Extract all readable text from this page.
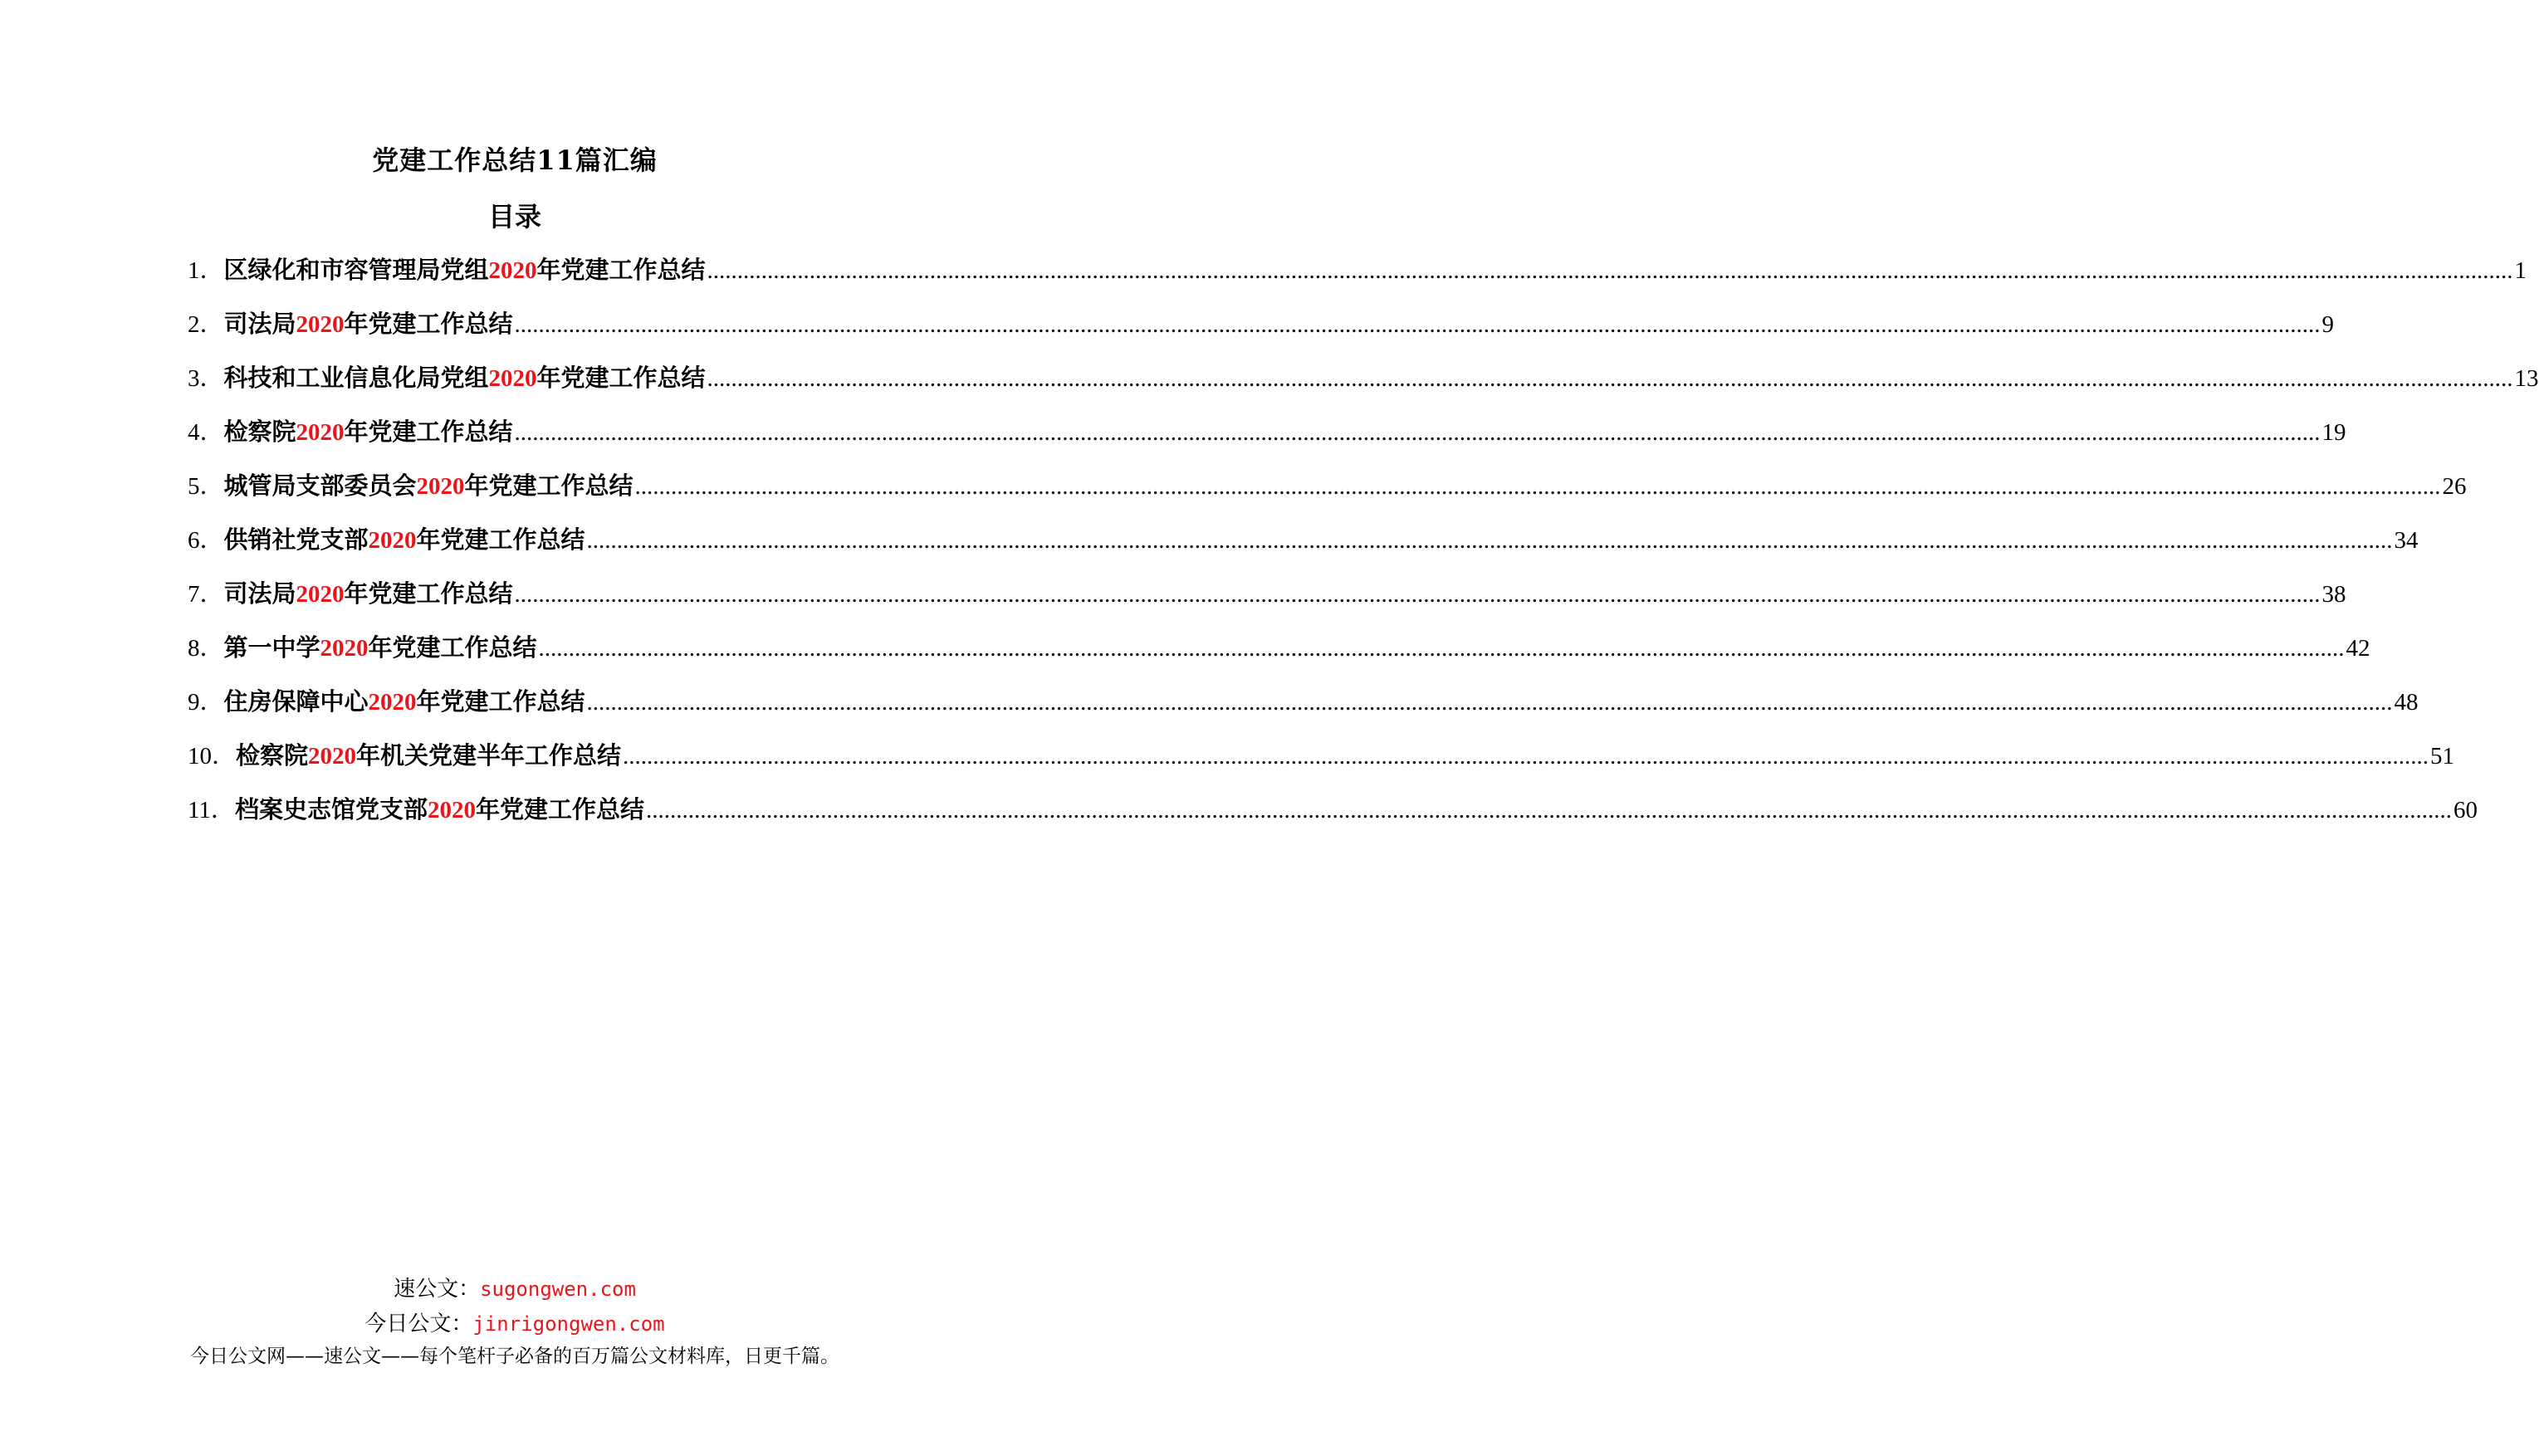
党建工作总结11篇汇编
目录
1． 区绿化和市容管理局党组2020年党建工作总结 ............................................................................................................................................................................................................................................................................................................ 1
2． 司法局2020年党建工作总结 ............................................................................................................................................................................................................................................................................................................ 9
3． 科技和工业信息化局党组2020年党建工作总结 ............................................................................................................................................................................................................................................................................................................ 13
4． 检察院2020年党建工作总结 ............................................................................................................................................................................................................................................................................................................ 19
5． 城管局支部委员会2020年党建工作总结 ............................................................................................................................................................................................................................................................................................................ 26
6． 供销社党支部2020年党建工作总结 ............................................................................................................................................................................................................................................................................................................ 34
7． 司法局2020年党建工作总结 ............................................................................................................................................................................................................................................................................................................ 38
8． 第一中学2020年党建工作总结 ............................................................................................................................................................................................................................................................................................................ 42
9． 住房保障中心2020年党建工作总结 ............................................................................................................................................................................................................................................................................................................ 48
10． 检察院2020年机关党建半年工作总结 ............................................................................................................................................................................................................................................................................................................ 51
11． 档案史志馆党支部2020年党建工作总结 ............................................................................................................................................................................................................................................................................................................ 60
速公文：sugongwen.com
今日公文：jinrigongwen.com
今日公文网——速公文——每个笔杆子必备的百万篇公文材料库，日更千篇。
